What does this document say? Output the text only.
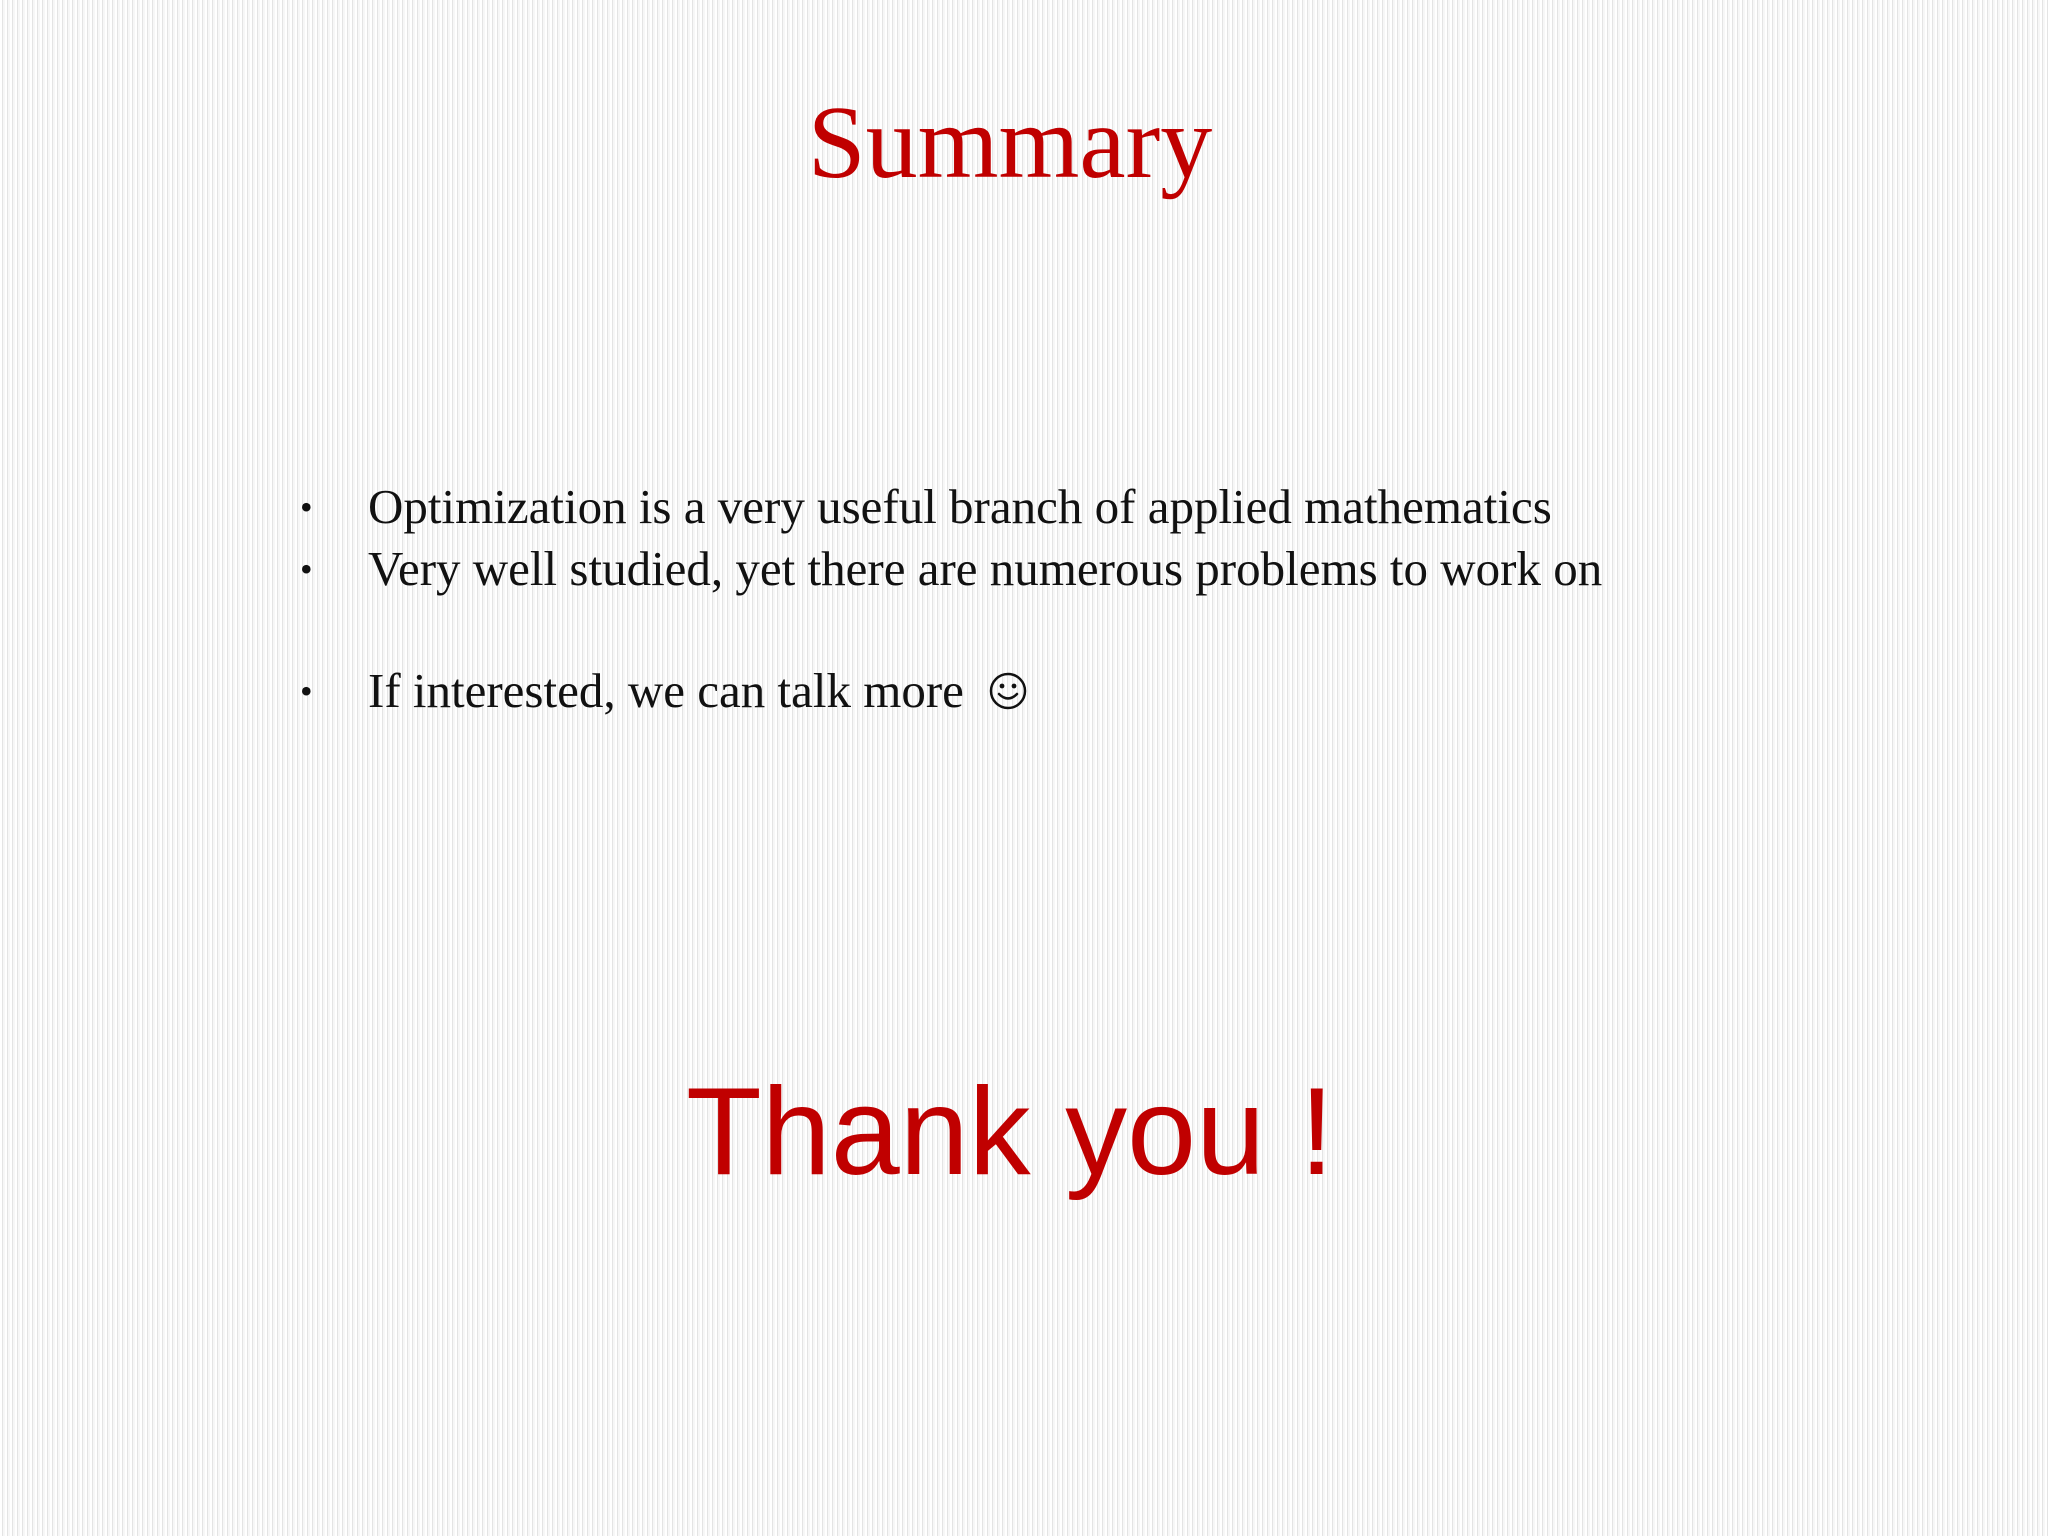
Summary
• Optimization is a very useful branch of applied mathematics
• Very well studied, yet there are numerous problems to work on
• If interested, we can talk more
Thank you !
